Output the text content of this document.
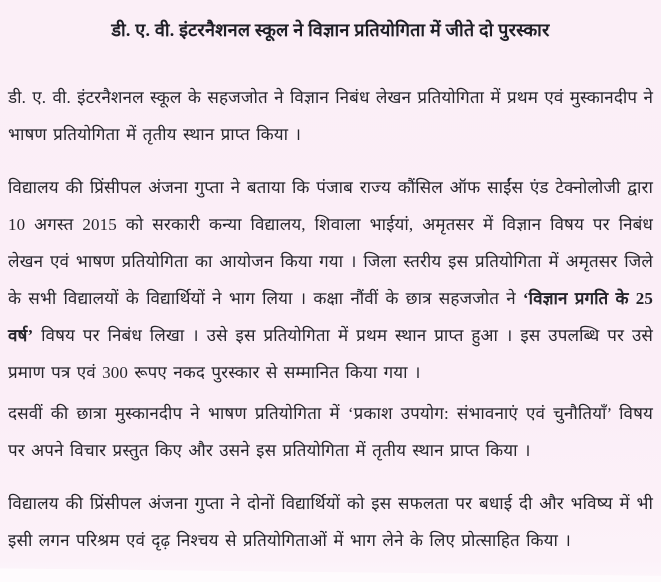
डी. ए. वी. इंटरनैशनल स्कूल ने विज्ञान प्रतियोगिता में जीते दो पुरस्कार

डी. ए. वी. इंटरनैशनल स्कूल के सहजजोत ने विज्ञान निबंध लेखन प्रतियोगिता में प्रथम एवं मुस्कानदीप ने भाषण प्रतियोगिता में तृतीय स्थान प्राप्त किया ।

विद्यालय की प्रिंसीपल अंजना गुप्ता ने बताया कि पंजाब राज्य कौंसिल ऑफ साईंस एंड टेक्नोलोजी द्वारा 10 अगस्त 2015 को सरकारी कन्या विद्यालय, शिवाला भाईयां, अमृतसर में विज्ञान विषय पर निबंध लेखन एवं भाषण प्रतियोगिता का आयोजन किया गया । जिला स्तरीय इस प्रतियोगिता में अमृतसर जिले के सभी विद्यालयों के विद्यार्थियों ने भाग लिया । कक्षा नौंवीं के छात्र सहजजोत ने ‘विज्ञान प्रगति के 25 वर्ष’ विषय पर निबंध लिखा । उसे इस प्रतियोगिता में प्रथम स्थान प्राप्त हुआ । इस उपलब्धि पर उसे प्रमाण पत्र एवं 300 रूपए नकद पुरस्कार से सम्मानित किया गया ।

दसवीं की छात्रा मुस्कानदीप ने भाषण प्रतियोगिता में ‘प्रकाश उपयोग: संभावनाएं एवं चुनौतियाँ’ विषय पर अपने विचार प्रस्तुत किए और उसने इस प्रतियोगिता में तृतीय स्थान प्राप्त किया ।

विद्यालय की प्रिंसीपल अंजना गुप्ता ने दोनों विद्यार्थियों को इस सफलता पर बधाई दी और भविष्य में भी इसी लगन परिश्रम एवं दृढ़ निश्चय से प्रतियोगिताओं में भाग लेने के लिए प्रोत्साहित किया ।
